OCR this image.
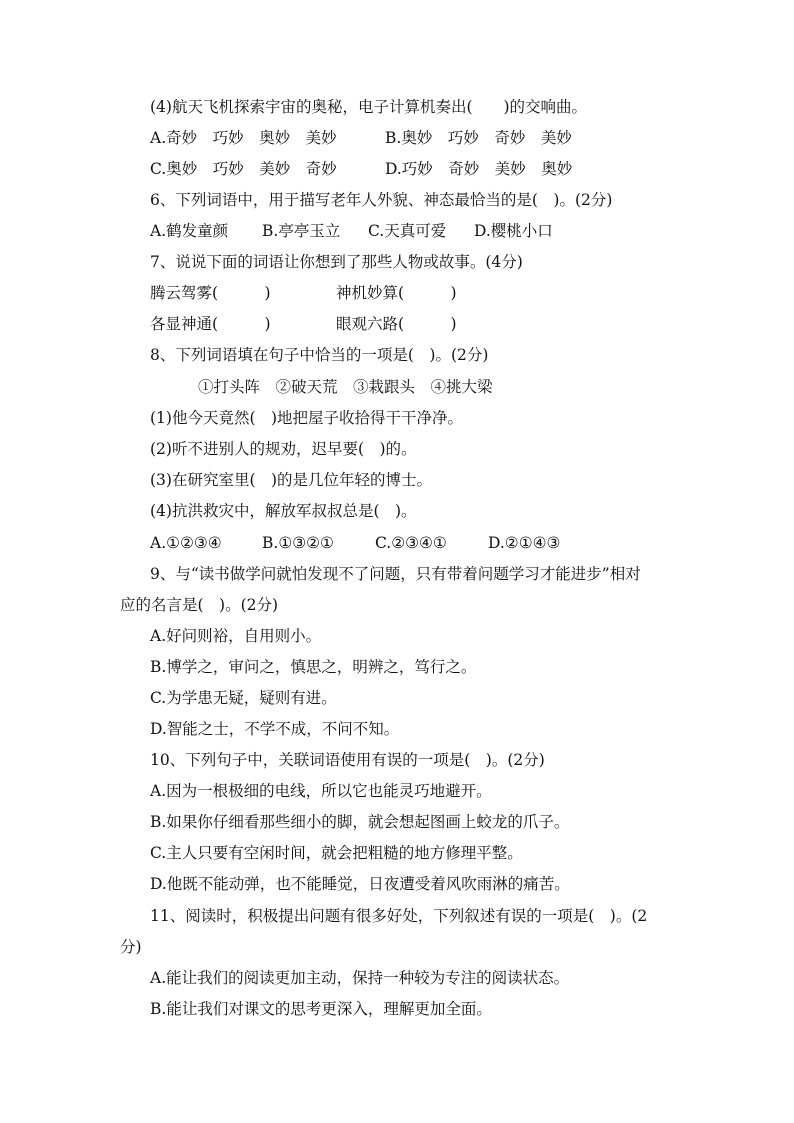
(4)航天飞机探索宇宙的奥秘，电子计算机奏出(　　)的交响曲。
A.奇妙　巧妙　奥妙　美妙	B.奥妙　巧妙　奇妙　美妙
C.奥妙　巧妙　美妙　奇妙	D.巧妙　奇妙　美妙　奥妙
6、下列词语中，用于描写老年人外貌、神态最恰当的是(　)。(2分)
A.鹤发童颜 B.亭亭玉立 C.天真可爱 D.樱桃小口
7、说说下面的词语让你想到了那些人物或故事。(4分)
腾云驾雾(　　　)	神机妙算(　　　)
各显神通(　　　)	眼观六路(　　　)
8、下列词语填在句子中恰当的一项是(　)。(2分)
①打头阵　②破天荒　③栽跟头　④挑大梁
(1)他今天竟然(　)地把屋子收拾得干干净净。
(2)听不进别人的规劝，迟早要(　)的。
(3)在研究室里(　)的是几位年轻的博士。
(4)抗洪救灾中，解放军叔叔总是(　)。
A.①②③④	B.①③②①	C.②③④①	D.②①④③
9、与“读书做学问就怕发现不了问题，只有带着问题学习才能进步”相对
应的名言是(　)。(2分)
A.好问则裕，自用则小。
B.博学之，审问之，慎思之，明辨之，笃行之。
C.为学患无疑，疑则有进。
D.智能之士，不学不成，不问不知。
10、下列句子中，关联词语使用有误的一项是(　)。(2分)
A.因为一根极细的电线，所以它也能灵巧地避开。
B.如果你仔细看那些细小的脚，就会想起图画上蛟龙的爪子。
C.主人只要有空闲时间，就会把粗糙的地方修理平整。
D.他既不能动弹，也不能睡觉，日夜遭受着风吹雨淋的痛苦。
11、阅读时，积极提出问题有很多好处，下列叙述有误的一项是(　)。(2
分)
A.能让我们的阅读更加主动，保持一种较为专注的阅读状态。
B.能让我们对课文的思考更深入，理解更加全面。
